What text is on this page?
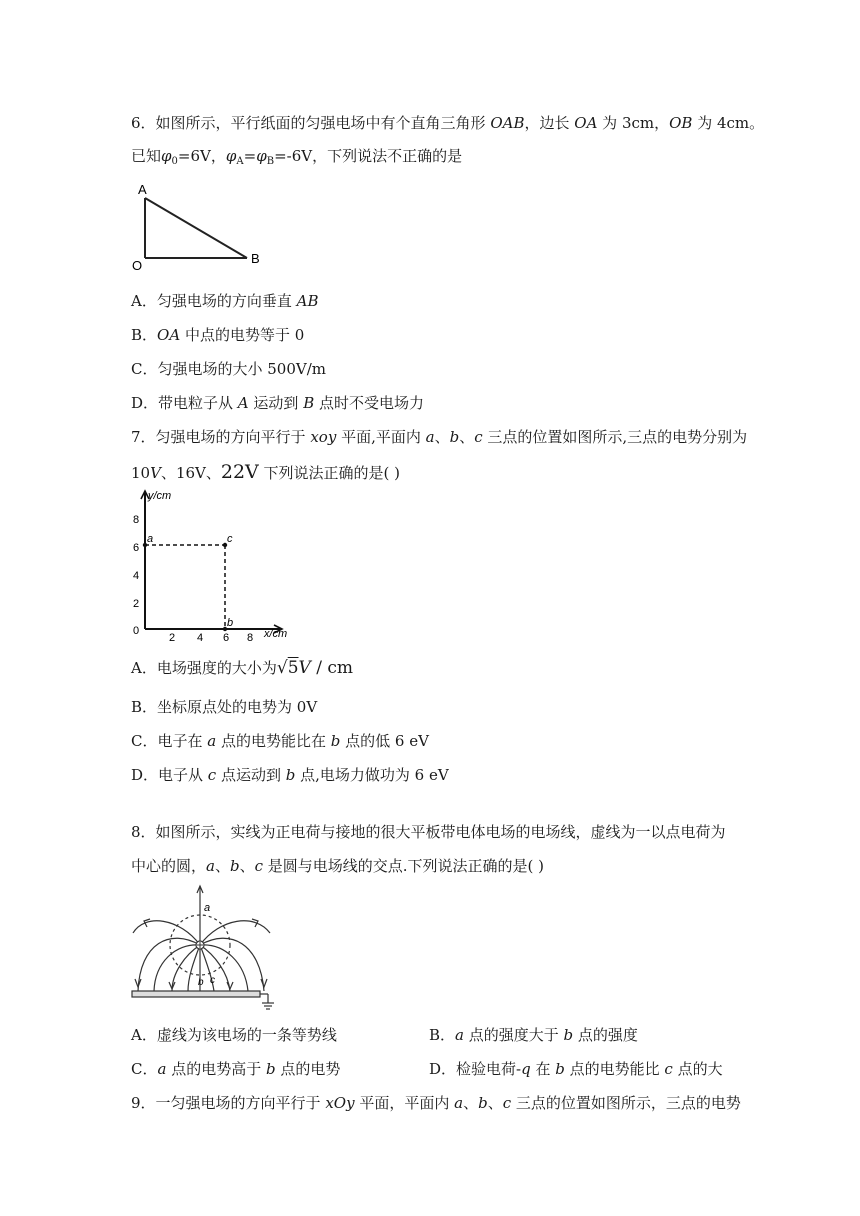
6．如图所示，平行纸面的匀强电场中有个直角三角形 OAB，边长 OA 为 3cm，OB 为 4cm。
已知$\varphi_0=6V$，$\varphi_A=\varphi_B=-6V$，下列说法不正确的是
A
O	B
A．匀强电场的方向垂直 AB
B．OA 中点的电势等于 0
C．匀强电场的大小 500V/m
D．带电粒子从 A 运动到 B 点时不受电场力
7．匀强电场的方向平行于 xoy 平面,平面内 a、b、c 三点的位置如图所示,三点的电势分别为
10V、16V、22V 下列说法正确的是( )
y/cm
x/cm
8
6
4
2
0
2 4 6 8
a	c
b
A．电场强度的大小为√5V / cm
B．坐标原点处的电势为 0V
C．电子在 a 点的电势能比在 b 点的低 6 eV
D．电子从 c 点运动到 b 点,电场力做功为 6 eV
8．如图所示，实线为正电荷与接地的很大平板带电体电场的电场线，虚线为一以点电荷为
中心的圆，a、b、c 是圆与电场线的交点.下列说法正确的是( )
a
b c
A．虚线为该电场的一条等势线	B．a 点的强度大于 b 点的强度
C．a 点的电势高于 b 点的电势	D．检验电荷-q 在 b 点的电势能比 c 点的大
9．一匀强电场的方向平行于 xOy 平面，平面内 a、b、c 三点的位置如图所示，三点的电势
